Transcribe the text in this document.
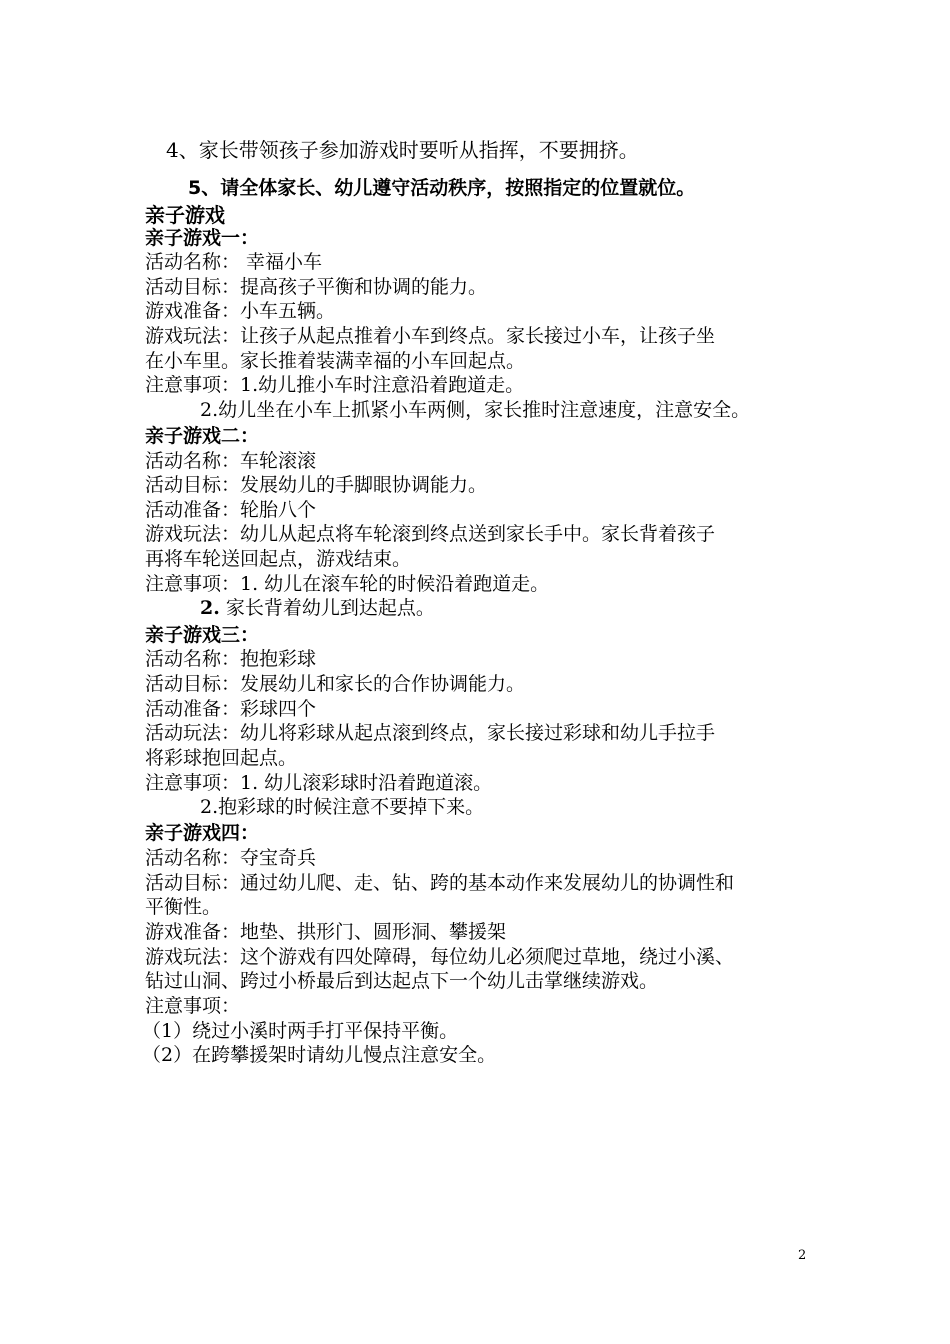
4、家长带领孩子参加游戏时要听从指挥，不要拥挤。
5、请全体家长、幼儿遵守活动秩序，按照指定的位置就位。
亲子游戏
亲子游戏一：
活动名称： 幸福小车
活动目标：提高孩子平衡和协调的能力。
游戏准备：小车五辆。
游戏玩法：让孩子从起点推着小车到终点。家长接过小车，让孩子坐
在小车里。家长推着装满幸福的小车回起点。
注意事项：1.幼儿推小车时注意沿着跑道走。
2.幼儿坐在小车上抓紧小车两侧，家长推时注意速度，注意安全。
亲子游戏二：
活动名称：车轮滚滚
活动目标：发展幼儿的手脚眼协调能力。
活动准备：轮胎八个
游戏玩法：幼儿从起点将车轮滚到终点送到家长手中。家长背着孩子
再将车轮送回起点，游戏结束。
注意事项：1. 幼儿在滚车轮的时候沿着跑道走。
2. 家长背着幼儿到达起点。
亲子游戏三：
活动名称：抱抱彩球
活动目标：发展幼儿和家长的合作协调能力。
活动准备：彩球四个
活动玩法：幼儿将彩球从起点滚到终点，家长接过彩球和幼儿手拉手
将彩球抱回起点。
注意事项：1. 幼儿滚彩球时沿着跑道滚。
2.抱彩球的时候注意不要掉下来。
亲子游戏四：
活动名称：夺宝奇兵
活动目标：通过幼儿爬、走、钻、跨的基本动作来发展幼儿的协调性和
平衡性。
游戏准备：地垫、拱形门、圆形洞、攀援架
游戏玩法：这个游戏有四处障碍，每位幼儿必须爬过草地，绕过小溪、
钻过山洞、跨过小桥最后到达起点下一个幼儿击掌继续游戏。
注意事项：
（1）绕过小溪时两手打平保持平衡。
（2）在跨攀援架时请幼儿慢点注意安全。
2
